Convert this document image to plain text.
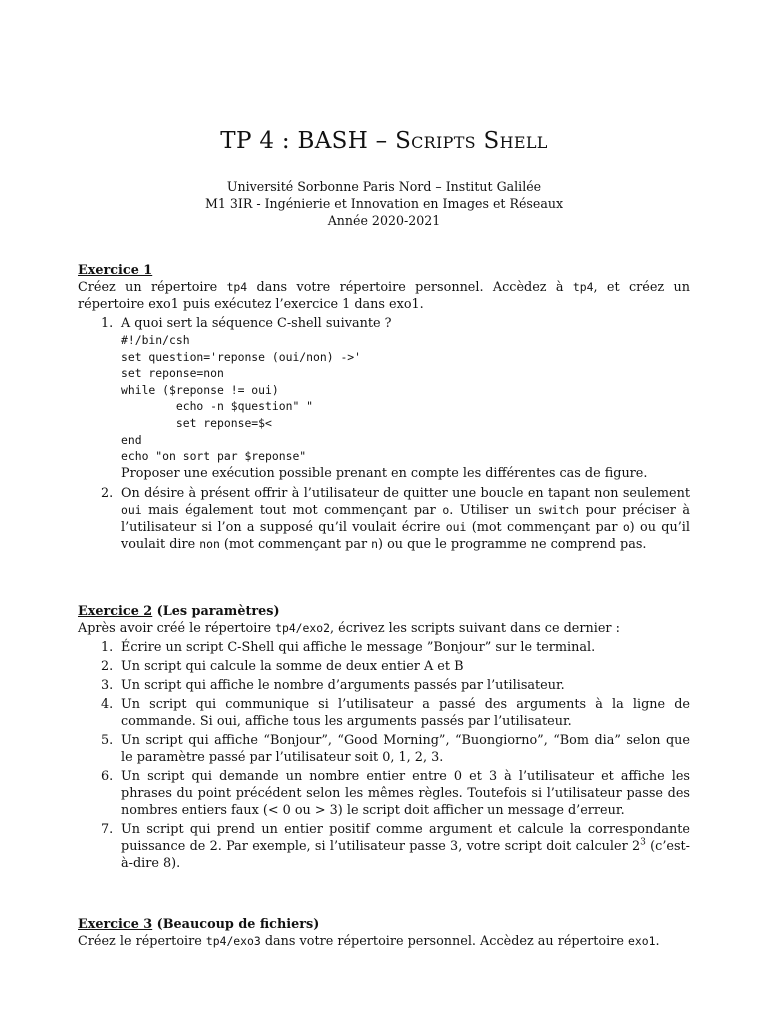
TP 4 : BASH – Scripts Shell
Université Sorbonne Paris Nord – Institut Galilée
M1 3IR - Ingénierie et Innovation en Images et Réseaux
Année 2020-2021
Exercice 1
Créez un répertoire tp4 dans votre répertoire personnel. Accèdez à tp4, et créez un répertoire exo1 puis exécutez l’exercice 1 dans exo1.
1. A quoi sert la séquence C-shell suivante ?
#!/bin/csh
set question='reponse (oui/non) ->'
set reponse=non
while ($reponse != oui)
echo -n $question" "
set reponse=$<
end
echo "on sort par $reponse"
Proposer une exécution possible prenant en compte les différentes cas de figure.
2. On désire à présent offrir à l’utilisateur de quitter une boucle en tapant non seulement oui mais également tout mot commençant par o. Utiliser un switch pour préciser à l’utilisateur si l’on a supposé qu’il voulait écrire oui (mot commençant par o) ou qu’il voulait dire non (mot commençant par n) ou que le programme ne comprend pas.
Exercice 2 (Les paramètres)
Après avoir créé le répertoire tp4/exo2, écrivez les scripts suivant dans ce dernier :
1. Écrire un script C-Shell qui affiche le message ”Bonjour” sur le terminal.
2. Un script qui calcule la somme de deux entier A et B
3. Un script qui affiche le nombre d’arguments passés par l’utilisateur.
4. Un script qui communique si l’utilisateur a passé des arguments à la ligne de commande. Si oui, affiche tous les arguments passés par l’utilisateur.
5. Un script qui affiche “Bonjour”, “Good Morning”, “Buongiorno”, “Bom dia” selon que le paramètre passé par l’utilisateur soit 0, 1, 2, 3.
6. Un script qui demande un nombre entier entre 0 et 3 à l’utilisateur et affiche les phrases du point précédent selon les mêmes règles. Toutefois si l’utilisateur passe des nombres entiers faux (< 0 ou > 3) le script doit afficher un message d’erreur.
7. Un script qui prend un entier positif comme argument et calcule la correspondante puissance de 2. Par exemple, si l’utilisateur passe 3, votre script doit calculer $2^3$ (c’est-à-dire 8).
Exercice 3 (Beaucoup de fichiers)
Créez le répertoire tp4/exo3 dans votre répertoire personnel. Accèdez au répertoire exo1.
